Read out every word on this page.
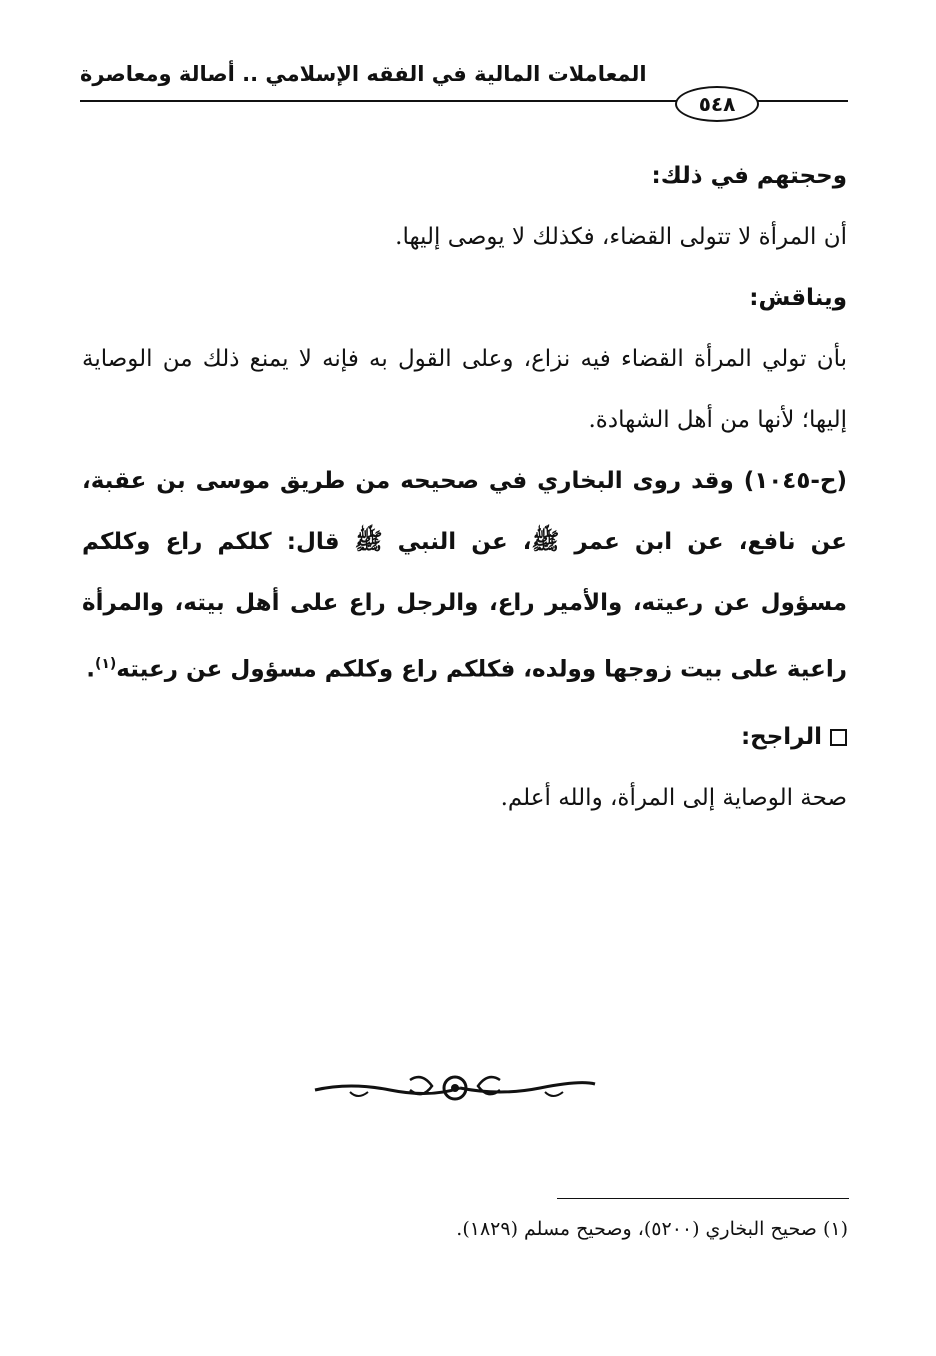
المعاملات المالية في الفقه الإسلامي .. أصالة ومعاصرة
٥٤٨

وحجتهم في ذلك:

أن المرأة لا تتولى القضاء، فكذلك لا يوصى إليها.

ويناقش:

بأن تولي المرأة القضاء فيه نزاع، وعلى القول به فإنه لا يمنع ذلك من الوصاية إليها؛ لأنها من أهل الشهادة.

(ح-١٠٤٥) وقد روى البخاري في صحيحه من طريق موسى بن عقبة، عن نافع، عن ابن عمر ﷺ، عن النبي ﷺ قال: كلكم راع وكلكم مسؤول عن رعيته، والأمير راع، والرجل راع على أهل بيته، والمرأة راعية على بيت زوجها وولده، فكلكم راع وكلكم مسؤول عن رعيته$^{(١)}$.

الراجح:

صحة الوصاية إلى المرأة، والله أعلم.

(١) صحيح البخاري (٥٢٠٠)، وصحيح مسلم (١٨٢٩).
